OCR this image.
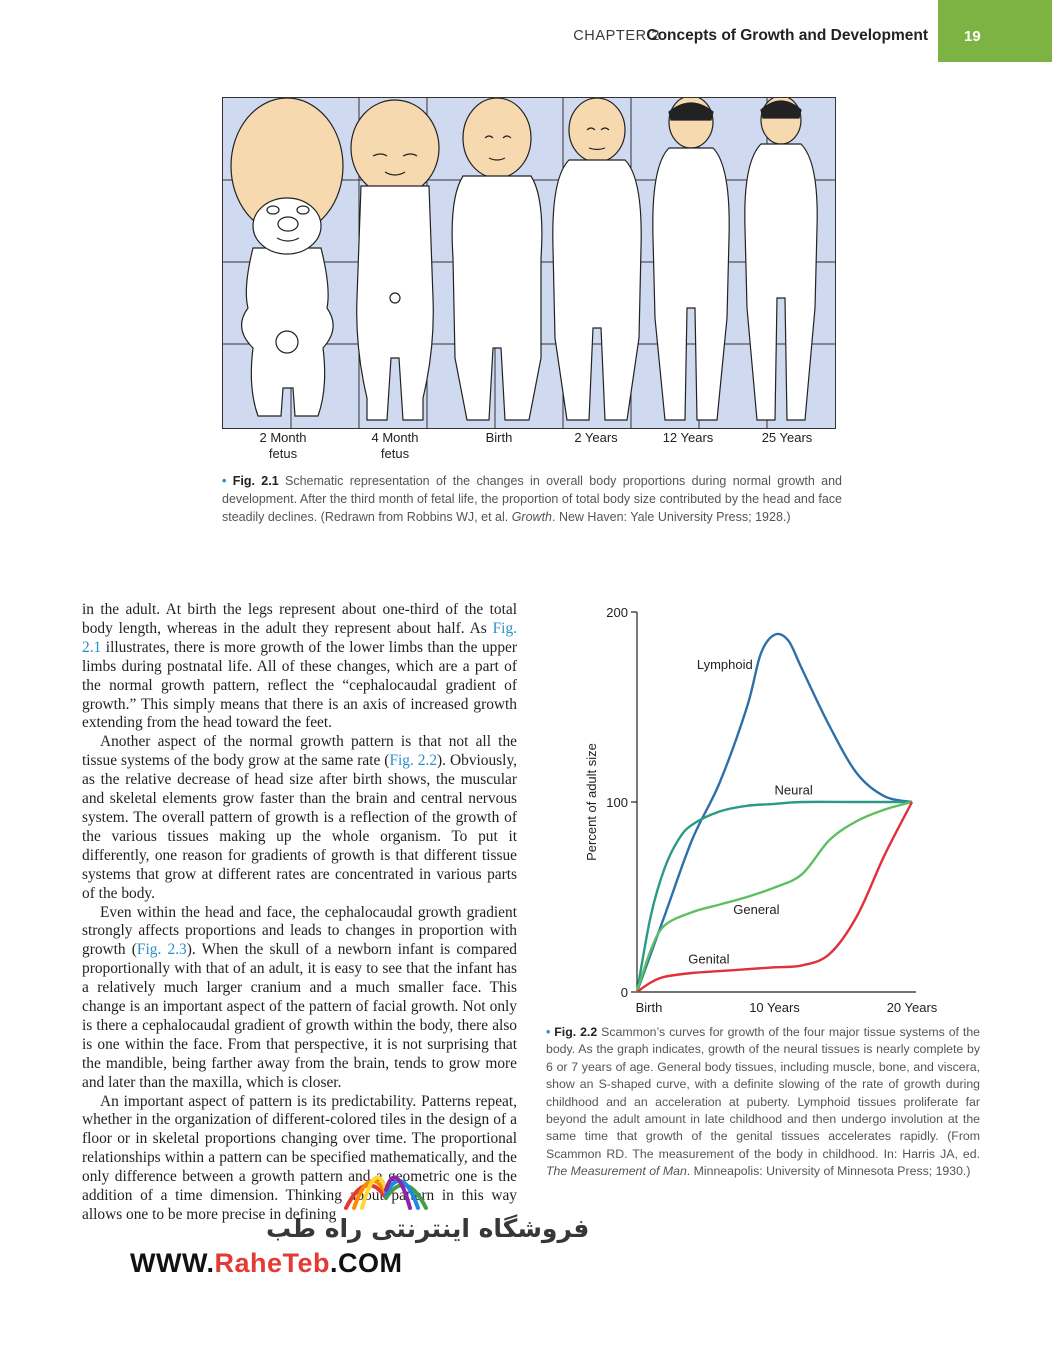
CHAPTER 2
Concepts of Growth and Development 19
2 Month
fetus
4 Month
fetus
Birth	2 Years	12 Years	25 Years
• Fig. 2.1 Schematic representation of the changes in overall body proportions during normal growth and development. After the third month of fetal life, the proportion of total body size contributed by the head and face steadily declines. (Redrawn from Robbins WJ, et al. Growth. New Haven: Yale University Press; 1928.)

in the adult. At birth the legs represent about one-third of the total body length, whereas in the adult they represent about half. As Fig. 2.1 illustrates, there is more growth of the lower limbs than the upper limbs during postnatal life. All of these changes, which are a part of the normal growth pattern, reflect the “cephalocaudal gradient of growth.” This simply means that there is an axis of increased growth extending from the head toward the feet.

Another aspect of the normal growth pattern is that not all the tissue systems of the body grow at the same rate (Fig. 2.2). Obviously, as the relative decrease of head size after birth shows, the muscular and skeletal elements grow faster than the brain and central nervous system. The overall pattern of growth is a reflection of the growth of the various tissues making up the whole organism. To put it differently, one reason for gradients of growth is that different tissue systems that grow at different rates are concentrated in various parts of the body.

Even within the head and face, the cephalocaudal growth gradient strongly affects proportions and leads to changes in proportion with growth (Fig. 2.3). When the skull of a newborn infant is compared proportionally with that of an adult, it is easy to see that the infant has a relatively much larger cranium and a much smaller face. This change is an important aspect of the pattern of facial growth. Not only is there a cephalocaudal gradient of growth within the body, there also is one within the face. From that perspective, it is not surprising that the mandible, being farther away from the brain, tends to grow more and later than the maxilla, which is closer.

An important aspect of pattern is its predictability. Patterns repeat, whether in the organization of different-colored tiles in the design of a floor or in skeletal proportions changing over time. The proportional relationships within a pattern can be specified mathematically, and the only difference between a growth pattern and a geometric one is the addition of a time dimension. Thinking about pattern in this way allows one to be more precise in defining

0
100
200
Birth	10 Years	20 Years
Percent of adult size
Lymphoid
Neural
General
Genital
• Fig. 2.2 Scammon’s curves for growth of the four major tissue systems of the body. As the graph indicates, growth of the neural tissues is nearly complete by 6 or 7 years of age. General body tissues, including muscle, bone, and viscera, show an S-shaped curve, with a definite slowing of the rate of growth during childhood and an acceleration at puberty. Lymphoid tissues proliferate far beyond the adult amount in late childhood and then undergo involution at the same time that growth of the genital tissues accelerates rapidly. (From Scammon RD. The measurement of the body in childhood. In: Harris JA, ed. The Measurement of Man. Minneapolis: University of Minnesota Press; 1930.)
فروشگاه اینترنتی راه طب
WWW.RaheTeb.COM
